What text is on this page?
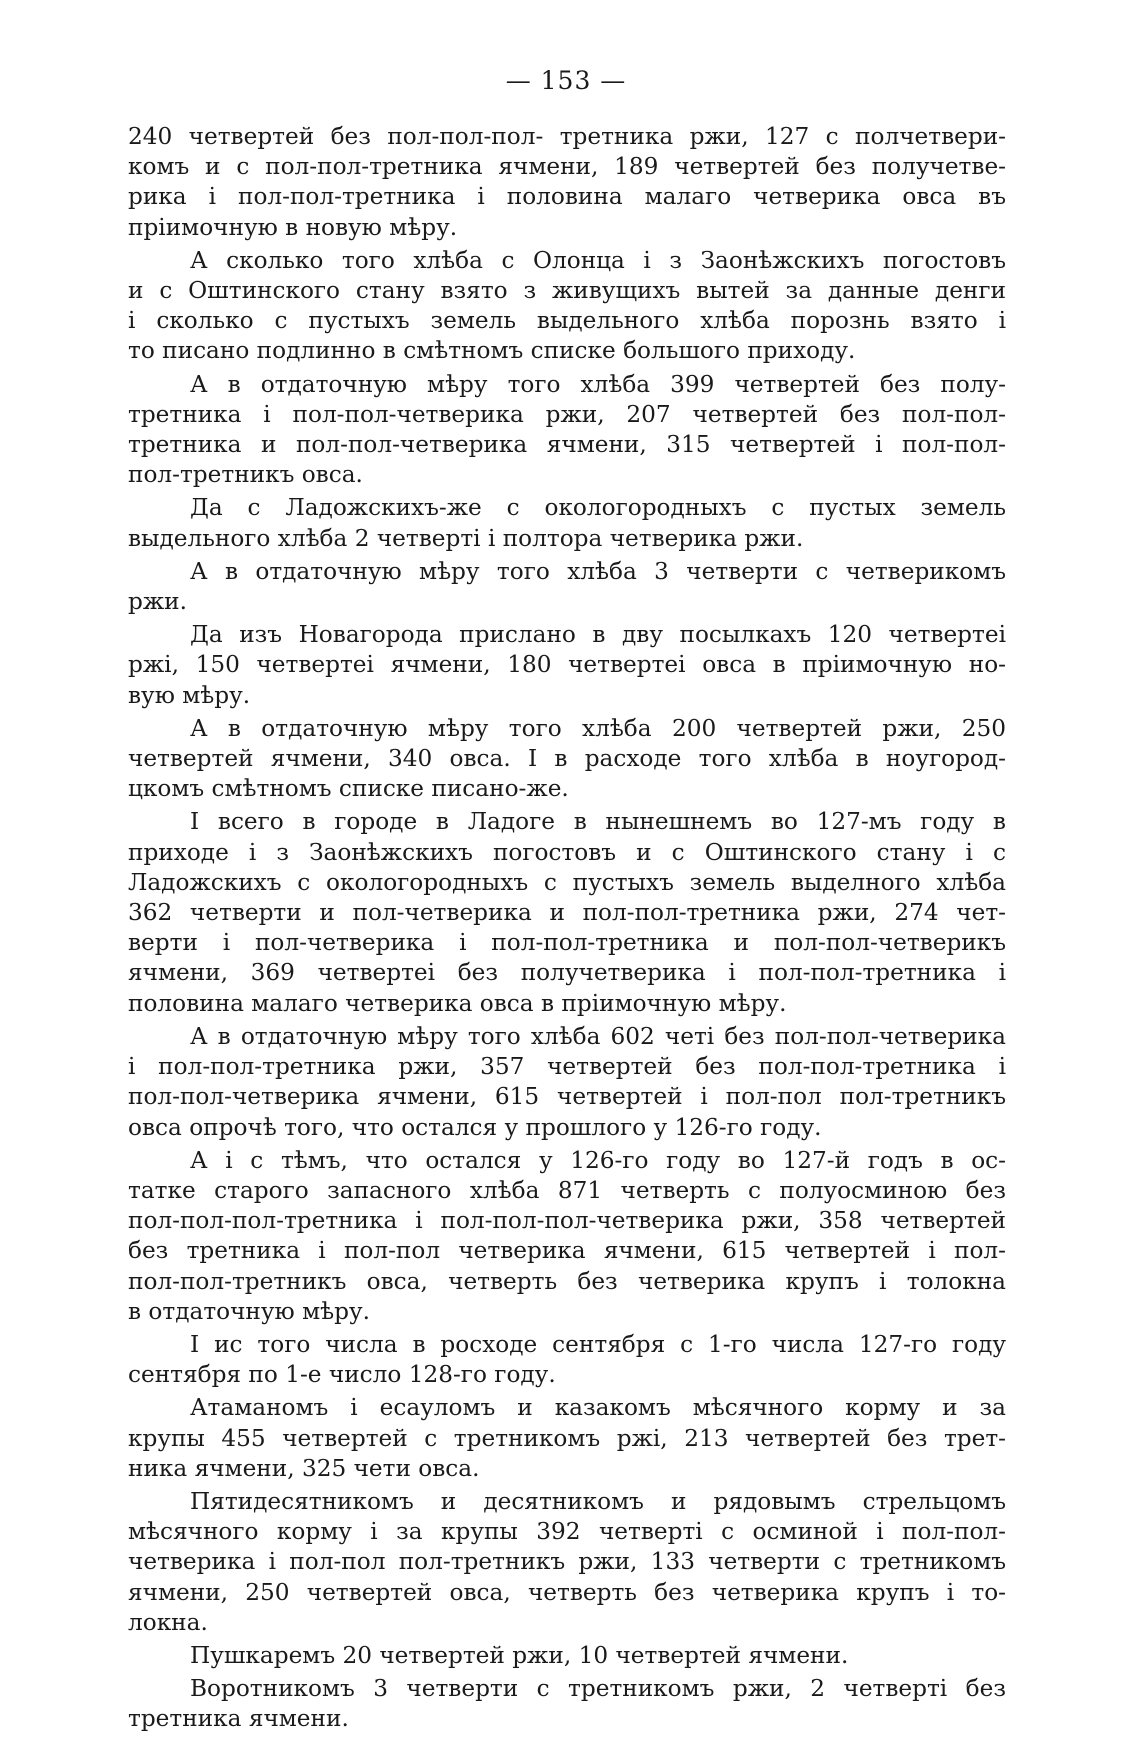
— 153 —
240 четвертей без пол-пол-пол- третника ржи, 127 с полчетвери-
комъ и с пол-пол-третника ячмени, 189 четвертей без получетве-
рика і пол-пол-третника і половина малаго четверика овса въ
пріимочную в новую мѣру.
А сколько того хлѣба с Олонца і з Заонѣжскихъ погостовъ
и с Оштинского стану взято з живущихъ вытей за данные денги
і сколько с пустыхъ земель выдельного хлѣба порознь взято і
то писано подлинно в смѣтномъ списке большого приходу.
А в отдаточную мѣру того хлѣба 399 четвертей без полу-
третника і пол-пол-четверика ржи, 207 четвертей без пол-пол-
третника и пол-пол-четверика ячмени, 315 четвертей і пол-пол-
пол-третникъ овса.
Да с Ладожскихъ-же с окологородныхъ с пустых земель
выдельного хлѣба 2 четверті і полтора четверика ржи.
А в отдаточную мѣру того хлѣба 3 четверти с четверикомъ
ржи.
Да изъ Новагорода прислано в дву посылкахъ 120 четвертеі
ржі, 150 четвертеі ячмени, 180 четвертеі овса в пріимочную но-
вую мѣру.
А в отдаточную мѣру того хлѣба 200 четвертей ржи, 250
четвертей ячмени, 340 овса. І в расходе того хлѣба в ноугород-
цкомъ смѣтномъ списке писано-же.
І всего в городе в Ладоге в нынешнемъ во 127-мъ году в
приходе і з Заонѣжскихъ погостовъ и с Оштинского стану і с
Ладожскихъ с окологородныхъ с пустыхъ земель выделного хлѣба
362 четверти и пол-четверика и пол-пол-третника ржи, 274 чет-
верти і пол-четверика і пол-пол-третника и пол-пол-четверикъ
ячмени, 369 четвертеі без получетверика і пол-пол-третника і
половина малаго четверика овса в пріимочную мѣру.
А в отдаточную мѣру того хлѣба 602 четі без пол-пол-четверика
і пол-пол-третника ржи, 357 четвертей без пол-пол-третника і
пол-пол-четверика ячмени, 615 четвертей і пол-пол пол-третникъ
овса опрочѣ того, что остался у прошлого у 126-го году.
А і с тѣмъ, что остался у 126-го году во 127-й годъ в ос-
татке старого запасного хлѣба 871 четверть с полуосминою без
пол-пол-пол-третника і пол-пол-пол-четверика ржи, 358 четвертей
без третника і пол-пол четверика ячмени, 615 четвертей і пол-
пол-пол-третникъ овса, четверть без четверика крупъ і толокна
в отдаточную мѣру.
І ис того числа в росходе сентября с 1-го числа 127-го году
сентября по 1-е число 128-го году.
Атаманомъ і есауломъ и казакомъ мѣсячного корму и за
крупы 455 четвертей с третникомъ ржі, 213 четвертей без трет-
ника ячмени, 325 чети овса.
Пятидесятникомъ и десятникомъ и рядовымъ стрельцомъ
мѣсячного корму і за крупы 392 четверті с осминой і пол-пол-
четверика і пол-пол пол-третникъ ржи, 133 четверти с третникомъ
ячмени, 250 четвертей овса, четверть без четверика крупъ і то-
локна.
Пушкаремъ 20 четвертей ржи, 10 четвертей ячмени.
Воротникомъ 3 четверти с третникомъ ржи, 2 четверті без
третника ячмени.
